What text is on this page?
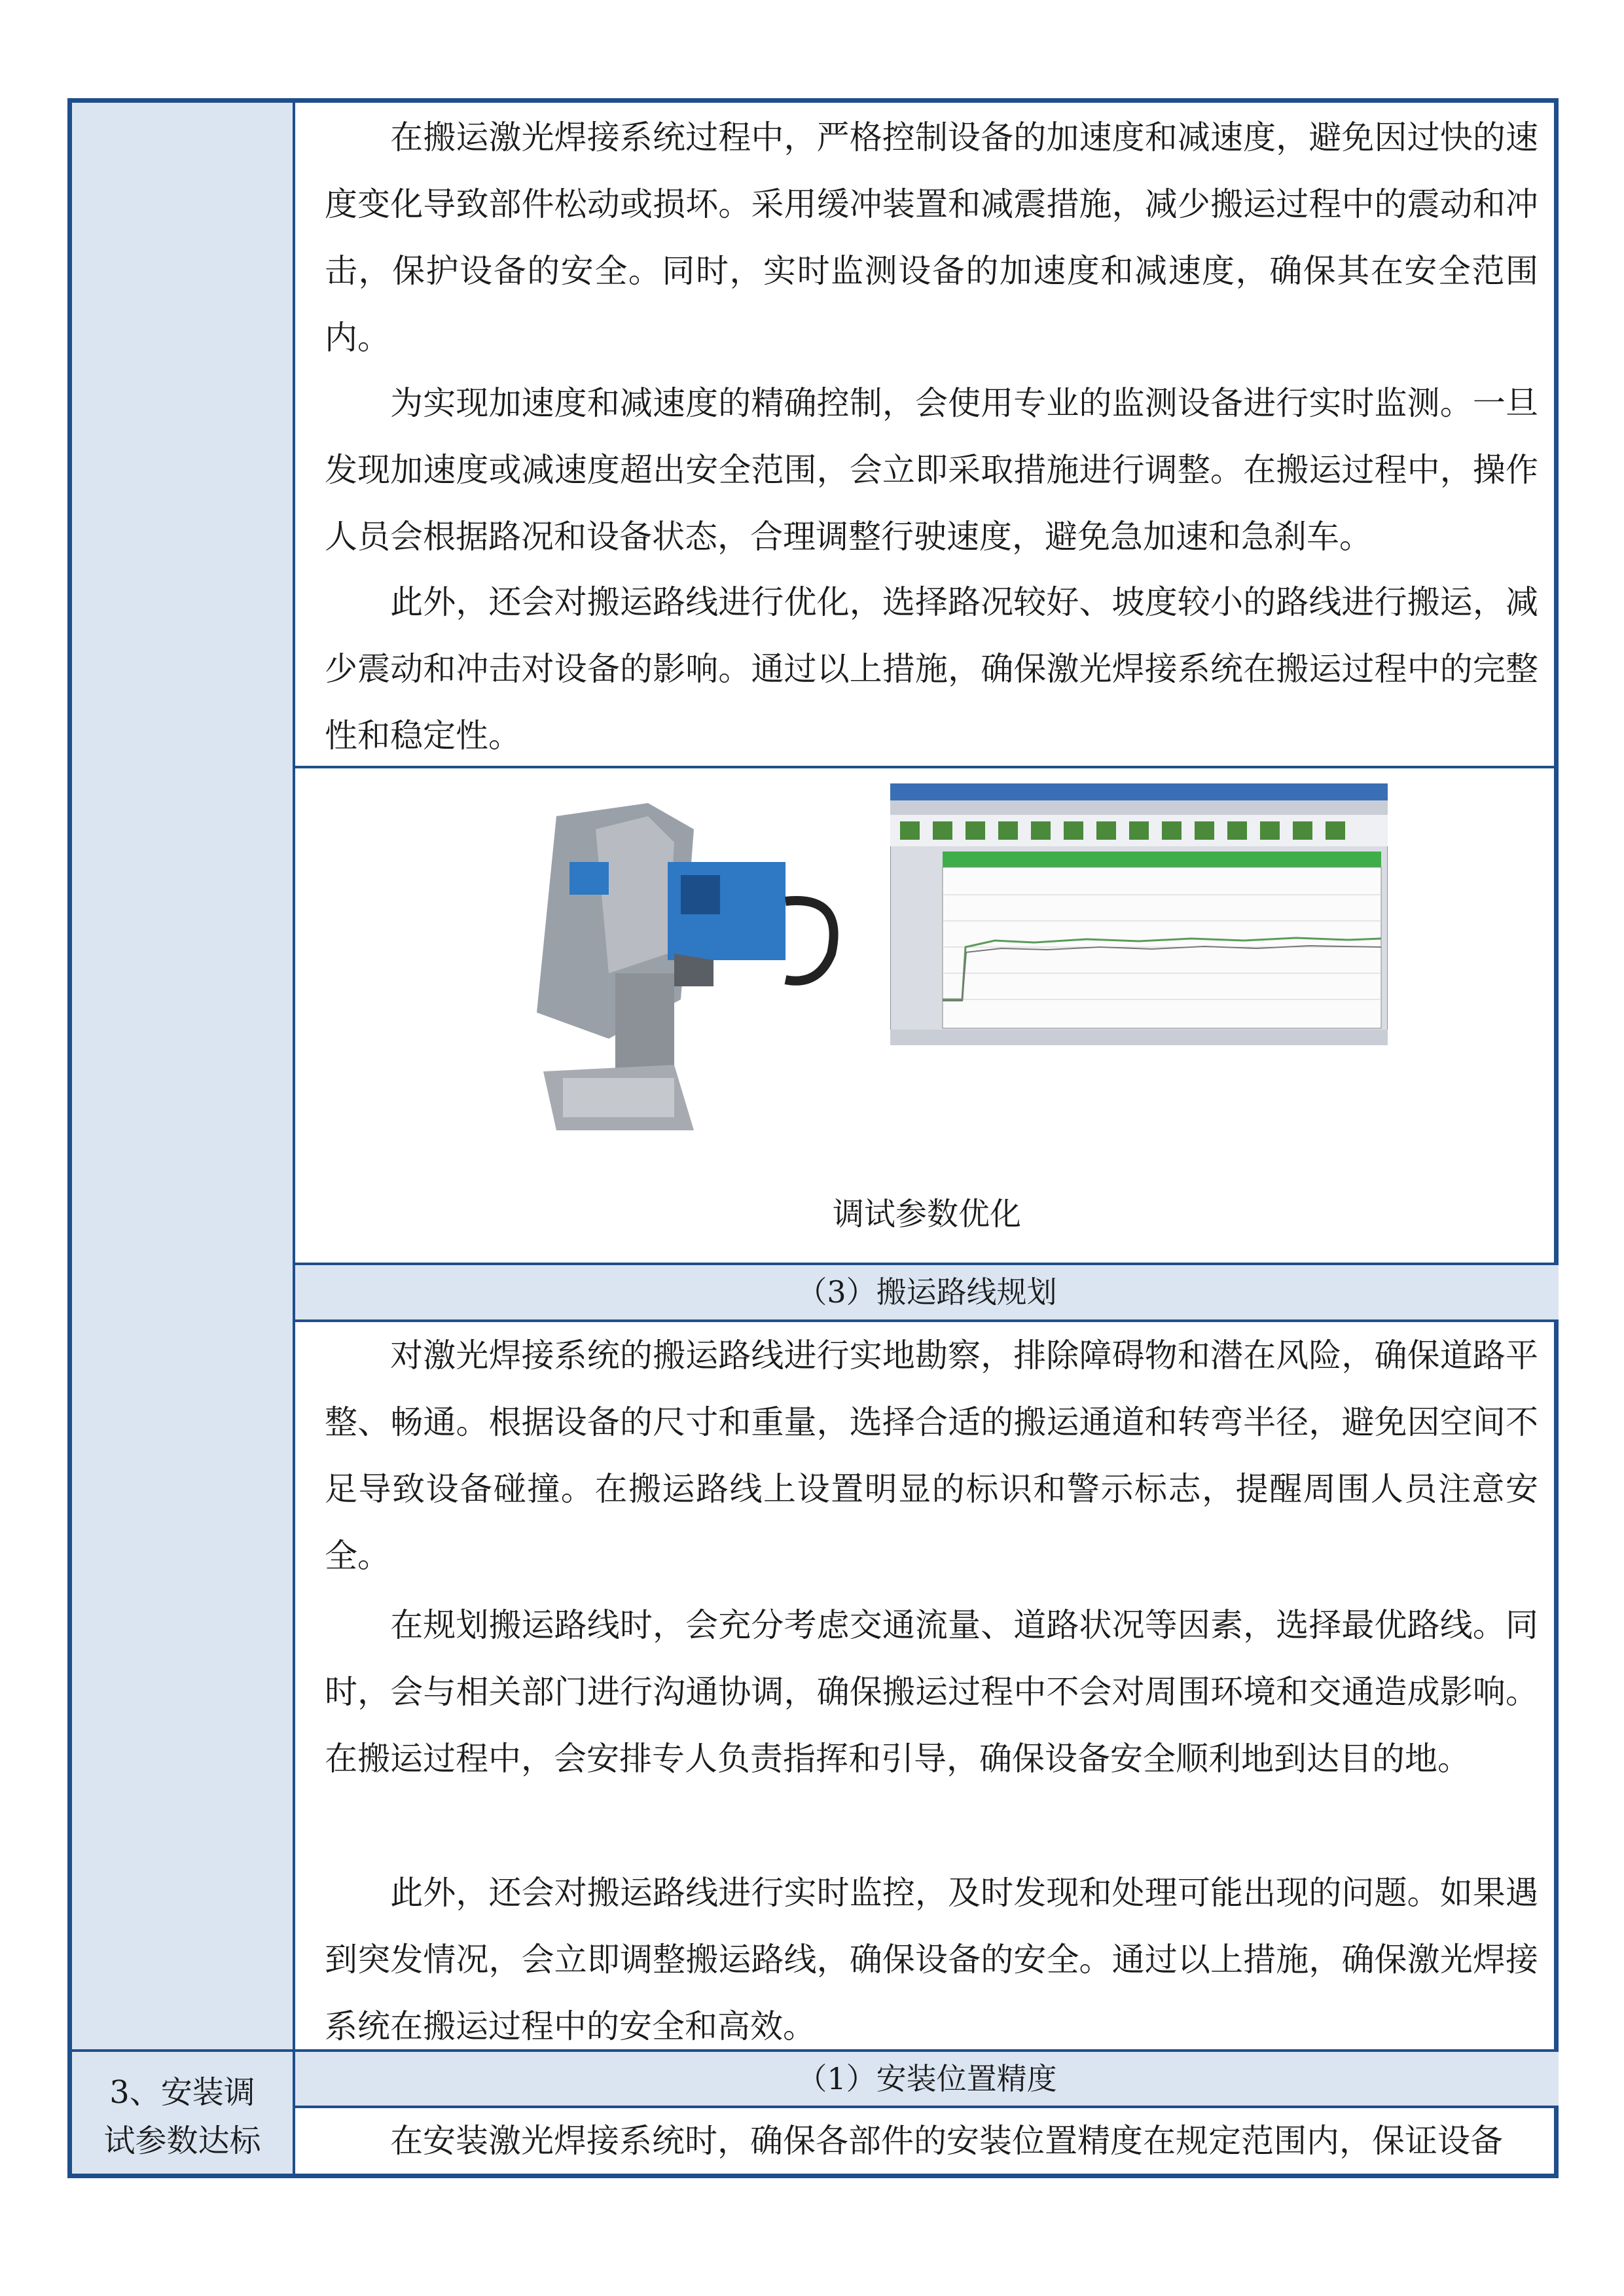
3、安装调
试参数达标
在搬运激光焊接系统过程中，严格控制设备的加速度和减速度，避免因过快的速度变化导致部件松动或损坏。采用缓冲装置和减震措施，减少搬运过程中的震动和冲击，保护设备的安全。同时，实时监测设备的加速度和减速度，确保其在安全范围内。
为实现加速度和减速度的精确控制，会使用专业的监测设备进行实时监测。一旦发现加速度或减速度超出安全范围，会立即采取措施进行调整。在搬运过程中，操作人员会根据路况和设备状态，合理调整行驶速度，避免急加速和急刹车。
此外，还会对搬运路线进行优化，选择路况较好、坡度较小的路线进行搬运，减少震动和冲击对设备的影响。通过以上措施，确保激光焊接系统在搬运过程中的完整性和稳定性。
调试参数优化
（3）搬运路线规划
对激光焊接系统的搬运路线进行实地勘察，排除障碍物和潜在风险，确保道路平整、畅通。根据设备的尺寸和重量，选择合适的搬运通道和转弯半径，避免因空间不足导致设备碰撞。在搬运路线上设置明显的标识和警示标志，提醒周围人员注意安全。
在规划搬运路线时，会充分考虑交通流量、道路状况等因素，选择最优路线。同时，会与相关部门进行沟通协调，确保搬运过程中不会对周围环境和交通造成影响。在搬运过程中，会安排专人负责指挥和引导，确保设备安全顺利地到达目的地。
此外，还会对搬运路线进行实时监控，及时发现和处理可能出现的问题。如果遇到突发情况，会立即调整搬运路线，确保设备的安全。通过以上措施，确保激光焊接系统在搬运过程中的安全和高效。
（1）安装位置精度
在安装激光焊接系统时，确保各部件的安装位置精度在规定范围内，保证设备
